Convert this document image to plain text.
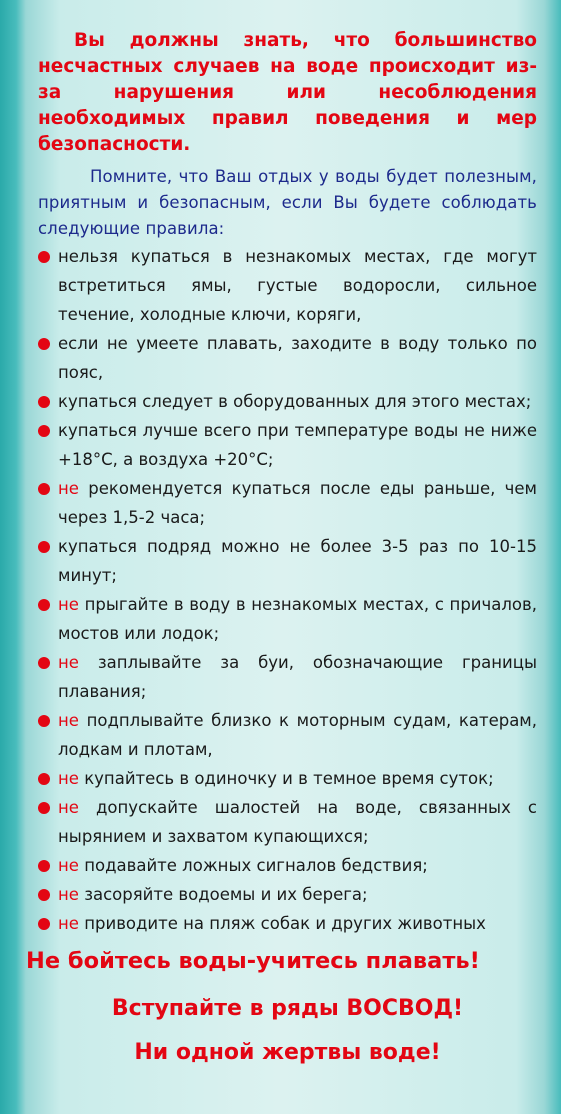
Вы должны знать, что большинство несчастных случаев на воде происходит из-за нарушения или несоблюдения необходимых правил поведения и мер безопасности.

Помните, что Ваш отдых у воды будет полезным, приятным и безопасным, если Вы будете соблюдать следующие правила:

нельзя купаться в незнакомых местах, где могут встретиться ямы, густые водоросли, сильное течение, холодные ключи, коряги,
если не умеете плавать, заходите в воду только по пояс,
купаться следует в оборудованных для этого местах;
купаться лучше всего при температуре воды не ниже +18°С, а воздуха +20°С;
не рекомендуется купаться после еды раньше, чем через 1,5-2 часа;
купаться подряд можно не более 3-5 раз по 10-15 минут;
не прыгайте в воду в незнакомых местах, с причалов, мостов или лодок;
не заплывайте за буи, обозначающие границы плавания;
не подплывайте близко к моторным судам, катерам, лодкам и плотам,
не купайтесь в одиночку и в темное время суток;
не допускайте шалостей на воде, связанных с нырянием и захватом купающихся;
не подавайте ложных сигналов бедствия;
не засоряйте водоемы и их берега;
не приводите на пляж собак и других животных

Не бойтесь воды-учитесь плавать!

Вступайте в ряды ВОСВОД!

Ни одной жертвы воде!
